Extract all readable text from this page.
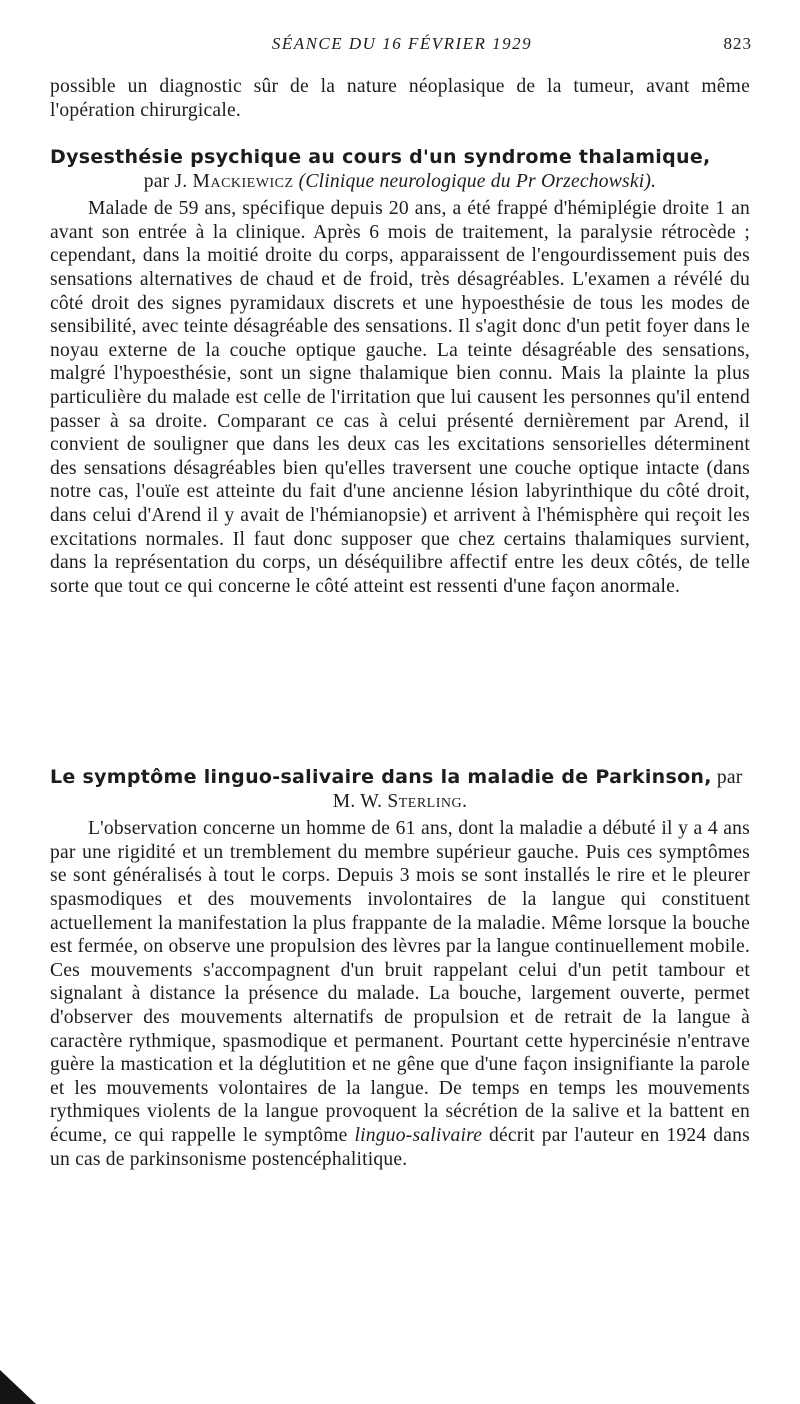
SÉANCE DU 16 FÉVRIER 1929	823

possible un diagnostic sûr de la nature néoplasique de la tumeur, avant même l'opération chirurgicale.

Dysesthésie psychique au cours d'un syndrome thalamique,

par J. Mackiewicz (Clinique neurologique du Pr Orzechowski).

Malade de 59 ans, spécifique depuis 20 ans, a été frappé d'hémiplégie droite 1 an avant son entrée à la clinique. Après 6 mois de traitement, la paralysie rétrocède ; cependant, dans la moitié droite du corps, apparaissent de l'engourdissement puis des sensations alternatives de chaud et de froid, très désagréables. L'examen a révélé du côté droit des signes pyramidaux discrets et une hypoesthésie de tous les modes de sensibilité, avec teinte désagréable des sensations. Il s'agit donc d'un petit foyer dans le noyau externe de la couche optique gauche. La teinte désagréable des sensations, malgré l'hypoesthésie, sont un signe thalamique bien connu. Mais la plainte la plus particulière du malade est celle de l'irritation que lui causent les personnes qu'il entend passer à sa droite. Comparant ce cas à celui présenté dernièrement par Arend, il convient de souligner que dans les deux cas les excitations sensorielles déterminent des sensations désagréables bien qu'elles traversent une couche optique intacte (dans notre cas, l'ouïe est atteinte du fait d'une ancienne lésion labyrinthique du côté droit, dans celui d'Arend il y avait de l'hémianopsie) et arrivent à l'hémisphère qui reçoit les excitations normales. Il faut donc supposer que chez certains thalamiques survient, dans la représentation du corps, un déséquilibre affectif entre les deux côtés, de telle sorte que tout ce qui concerne le côté atteint est ressenti d'une façon anormale.

Le symptôme linguo-salivaire dans la maladie de Parkinson, par

M. W. Sterling.

L'observation concerne un homme de 61 ans, dont la maladie a débuté il y a 4 ans par une rigidité et un tremblement du membre supérieur gauche. Puis ces symptômes se sont généralisés à tout le corps. Depuis 3 mois se sont installés le rire et le pleurer spasmodiques et des mouvements involontaires de la langue qui constituent actuellement la manifestation la plus frappante de la maladie. Même lorsque la bouche est fermée, on observe une propulsion des lèvres par la langue continuellement mobile. Ces mouvements s'accompagnent d'un bruit rappelant celui d'un petit tambour et signalant à distance la présence du malade. La bouche, largement ouverte, permet d'observer des mouvements alternatifs de propulsion et de retrait de la langue à caractère rythmique, spasmodique et permanent. Pourtant cette hypercinésie n'entrave guère la mastication et la déglutition et ne gêne que d'une façon insignifiante la parole et les mouvements volontaires de la langue. De temps en temps les mouvements rythmiques violents de la langue provoquent la sécrétion de la salive et la battent en écume, ce qui rappelle le symptôme linguo-salivaire décrit par l'auteur en 1924 dans un cas de parkinsonisme postencéphalitique.
